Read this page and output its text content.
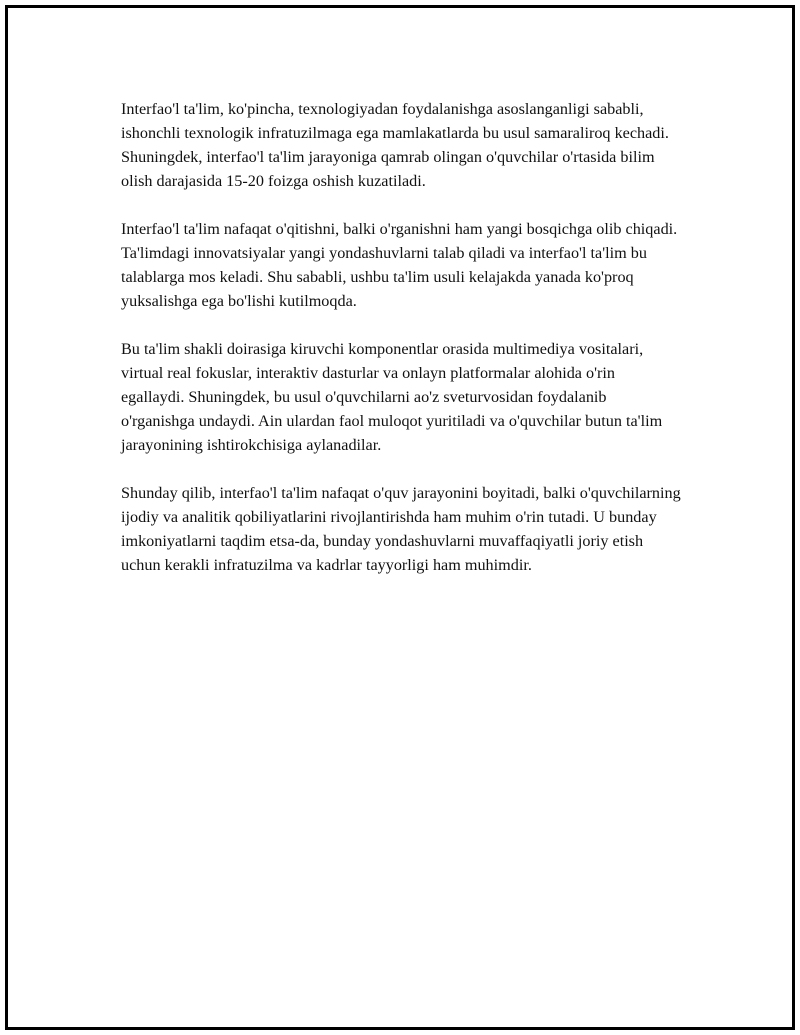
Interfao'l ta'lim, ko'pincha, texnologiyadan foydalanishga asoslanganligi sababli, ishonchli texnologik infratuzilmaga ega mamlakatlarda bu usul samaraliroq kechadi. Shuningdek, interfao'l ta'lim jarayoniga qamrab olingan o'quvchilar o'rtasida bilim olish darajasida 15-20 foizga oshish kuzatiladi.

Interfao'l ta'lim nafaqat o'qitishni, balki o'rganishni ham yangi bosqichga olib chiqadi. Ta'limdagi innovatsiyalar yangi yondashuvlarni talab qiladi va interfao'l ta'lim bu talablarga mos keladi. Shu sababli, ushbu ta'lim usuli kelajakda yanada ko'proq yuksalishga ega bo'lishi kutilmoqda.

Bu ta'lim shakli doirasiga kiruvchi komponentlar orasida multimediya vositalari, virtual real fokuslar, interaktiv dasturlar va onlayn platformalar alohida o'rin egallaydi. Shuningdek, bu usul o'quvchilarni ao'z sveturvosidan foydalanib o'rganishga undaydi. Ain ulardan faol muloqot yuritiladi va o'quvchilar butun ta'lim jarayonining ishtirokchisiga aylanadilar.

Shunday qilib, interfao'l ta'lim nafaqat o'quv jarayonini boyitadi, balki o'quvchilarning ijodiy va analitik qobiliyatlarini rivojlantirishda ham muhim o'rin tutadi. U bunday imkoniyatlarni taqdim etsa-da, bunday yondashuvlarni muvaffaqiyatli joriy etish uchun kerakli infratuzilma va kadrlar tayyorligi ham muhimdir.
